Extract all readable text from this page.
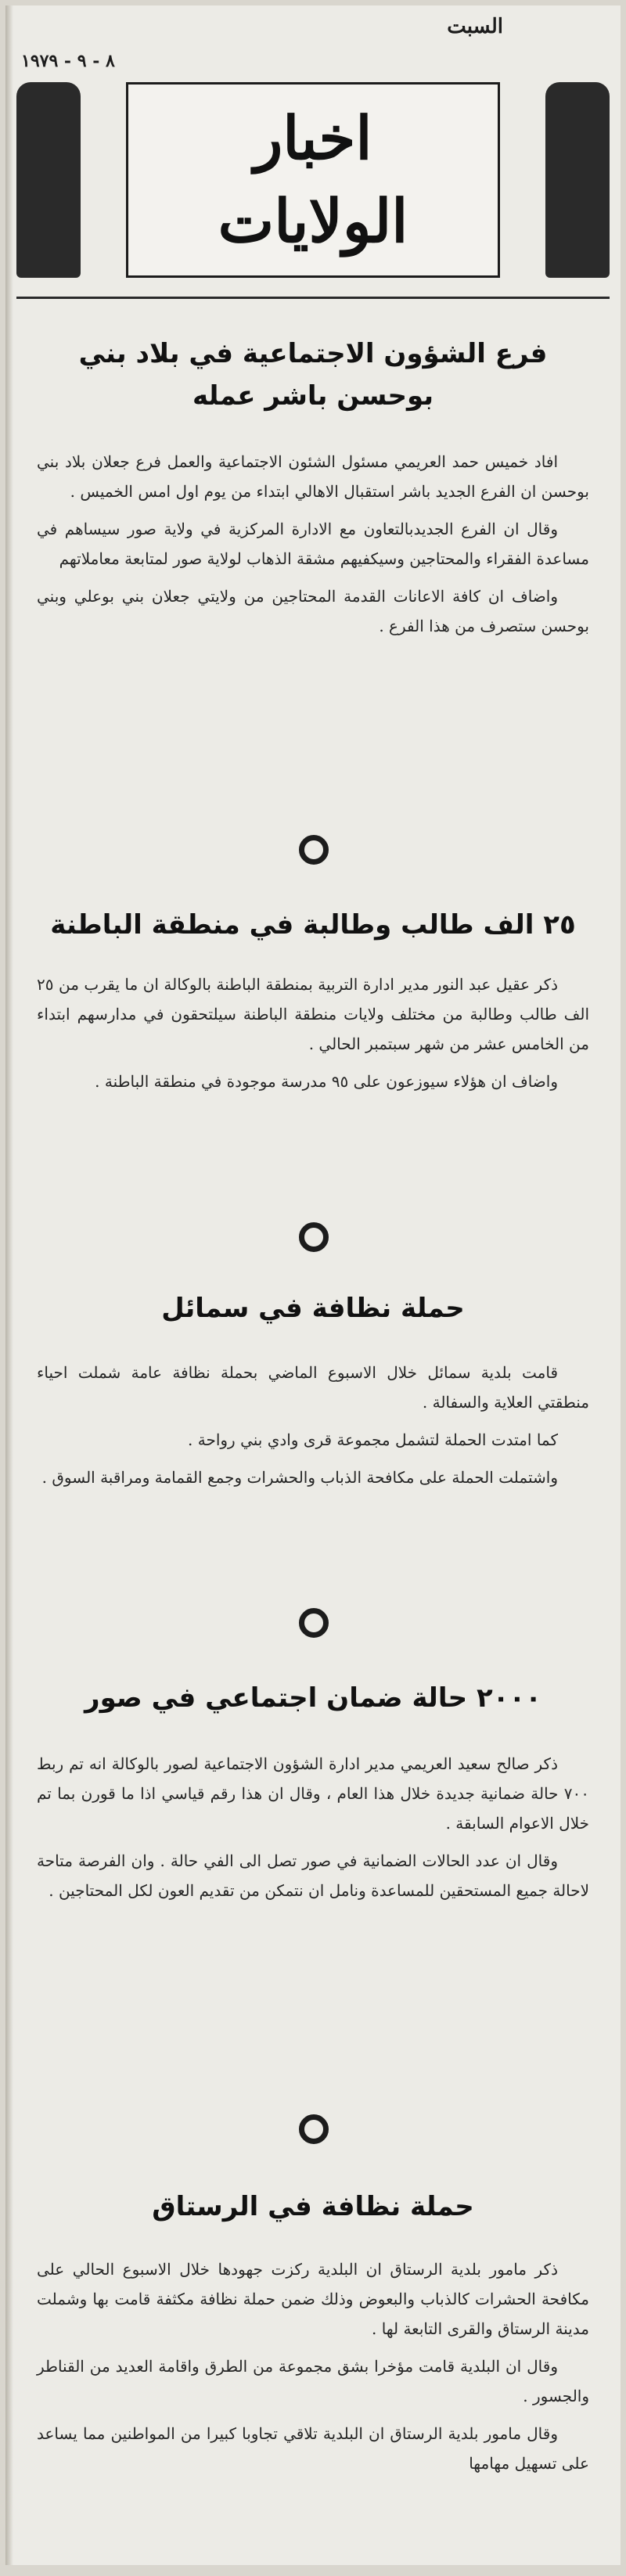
السبت
٨ - ٩ - ١٩٧٩
اخبار
الولايات
فرع الشؤون الاجتماعية في بلاد بني بوحسن باشر عمله

افاد خميس حمد العريمي مسئول الشئون الاجتماعية والعمل فرع جعلان بلاد بني بوحسن ان الفرع الجديد باشر استقبال الاهالي ابتداء من يوم اول امس الخميس .

وقال ان الفرع الجديدبالتعاون مع الادارة المركزية في ولاية صور سيساهم في مساعدة الفقراء والمحتاجين وسيكفيهم مشقة الذهاب لولاية صور لمتابعة معاملاتهم

واضاف ان كافة الاعانات القدمة المحتاجين من ولايتي جعلان بني بوعلي وبني بوحسن ستصرف من هذا الفرع .

٢٥ الف طالب وطالبة في منطقة الباطنة

ذكر عقيل عبد النور مدير ادارة التربية بمنطقة الباطنة بالوكالة ان ما يقرب من ٢٥ الف طالب وطالبة من مختلف ولايات منطقة الباطنة سيلتحقون في مدارسهم ابتداء من الخامس عشر من شهر سبتمبر الحالي .

واضاف ان هؤلاء سيوزعون على ٩٥ مدرسة موجودة في منطقة الباطنة .

حملة نظافة في سمائل

قامت بلدية سمائل خلال الاسبوع الماضي بحملة نظافة عامة شملت احياء منطقتي العلاية والسفالة .

كما امتدت الحملة لتشمل مجموعة قرى وادي بني رواحة .

واشتملت الحملة على مكافحة الذباب والحشرات وجمع القمامة ومراقبة السوق .

٢٠٠٠ حالة ضمان اجتماعي في صور

ذكر صالح سعيد العريمي مدير ادارة الشؤون الاجتماعية لصور بالوكالة انه تم ربط ٧٠٠ حالة ضمانية جديدة خلال هذا العام ، وقال ان هذا رقم قياسي اذا ما قورن بما تم خلال الاعوام السابقة .

وقال ان عدد الحالات الضمانية في صور تصل الى الفي حالة . وان الفرصة متاحة لاحالة جميع المستحقين للمساعدة ونامل ان نتمكن من تقديم العون لكل المحتاجين .

حملة نظافة في الرستاق

ذكر مامور بلدية الرستاق ان البلدية ركزت جهودها خلال الاسبوع الحالي على مكافحة الحشرات كالذباب والبعوض وذلك ضمن حملة نظافة مكثفة قامت بها وشملت مدينة الرستاق والقرى التابعة لها .

وقال ان البلدية قامت مؤخرا بشق مجموعة من الطرق واقامة العديد من القناطر والجسور .

وقال مامور بلدية الرستاق ان البلدية تلاقي تجاوبا كبيرا من المواطنين مما يساعد على تسهيل مهامها
